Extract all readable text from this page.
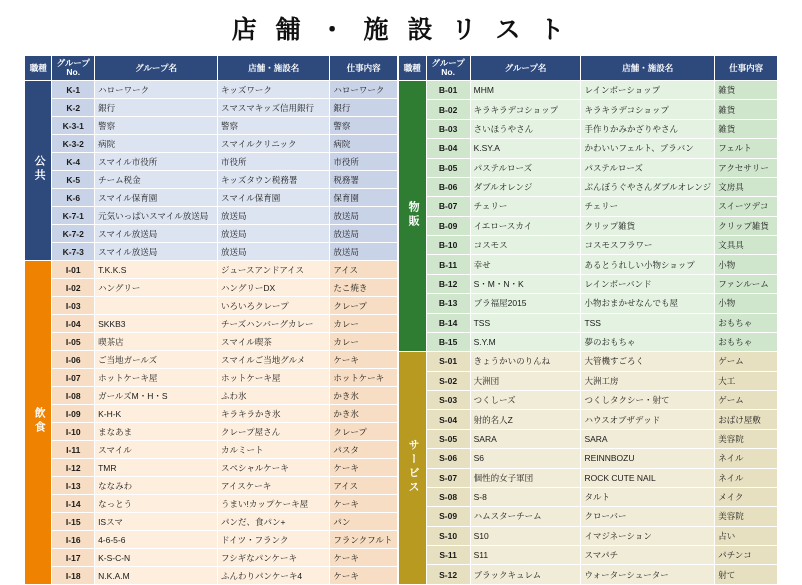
店 舗 ・ 施 設 リ ス ト
職種	グループ
No.	グループ名	店舗・施設名	仕事内容
公共	K-1	ハローワーク	キッズワーク	ハローワーク
	K-2	銀行	スマスマキッズ信用銀行	銀行
	K-3-1	警察	警察	警察
	K-3-2	病院	スマイルクリニック	病院
	K-4	スマイル市役所	市役所	市役所
	K-5	チーム税金	キッズタウン税務署	税務署
	K-6	スマイル保育園	スマイル保育園	保育園
	K-7-1	元気いっぱいスマイル放送局	放送局	放送局
	K-7-2	スマイル放送局	放送局	放送局
	K-7-3	スマイル放送局	放送局	放送局
飲食	I-01	T.K.K.S	ジュースアンドアイス	アイス
	I-02	ハングリー	ハングリーDX	たこ焼き
	I-03		いろいろクレープ	クレープ
	I-04	SKKB3	チーズハンバーグカレー	カレー
	I-05	喫茶店	スマイル喫茶	カレー
	I-06	ご当地ガールズ	スマイルご当地グルメ	ケーキ
	I-07	ホットケーキ屋	ホットケーキ屋	ホットケーキ
	I-08	ガールズM・H・S	ふわ氷	かき氷
	I-09	K-H-K	キラキラかき氷	かき氷
	I-10	まなあま	クレープ屋さん	クレープ
	I-11	スマイル	カルミート	パスタ
	I-12	TMR	スペシャルケーキ	ケーキ
	I-13	ななみわ	アイスケーキ	アイス
	I-14	なっとう	うまい!カップケーキ屋	ケーキ
	I-15	ISスマ	パンだ、食パン+	パン
	I-16	4-6-5-6	ドイツ・フランク	フランクフルト
	I-17	K-S-C-N	フシギなパンケーキ	ケーキ
	I-18	N.K.A.M	ふんわりパンケーキ4	ケーキ
職種	グループ
No.	グループ名	店舗・施設名	仕事内容
物販	B-01	MHM	レインボーショップ	雑貨
	B-02	キラキラデコショップ	キラキラデコショップ	雑貨
	B-03	さいほうやさん	手作りかみかざりやさん	雑貨
	B-04	K.SY.A	かわいいフェルト、ブラバン	フェルト
	B-05	パステルローズ	パステルローズ	アクセサリー
	B-06	ダブルオレンジ	ぶんぼうぐやさんダブルオレンジ	文房具
	B-07	チェリー	チェリー	スイーツデコ
	B-09	イエロースカイ	クリップ雑貨	クリップ雑貨
	B-10	コスモス	コスモスフラワー	文具具
	B-11	幸せ	あるとうれしい小物ショップ	小物
	B-12	S・M・N・K	レインボーバンド	ファンルーム
	B-13	ブラ福屋2015	小物おまかせなんでも屋	小物
	B-14	TSS	TSS	おもちゃ
	B-15	S.Y.M	夢のおもちゃ	おもちゃ
サービス	S-01	きょうかいのりんね	大管機すごろく	ゲーム
	S-02	大洲団	大洲工房	大工
	S-03	つくしーズ	つくしタクシー・射て	ゲーム
	S-04	射的名人Z	ハウスオブザデッド	おばけ屋敷
	S-05	SARA	SARA	美容院
	S-06	S6	REINNBOZU	ネイル
	S-07	個性的女子軍団	ROCK CUTE NAIL	ネイル
	S-08	S-8	タルト	メイク
	S-09	ハムスターチーム	クローバー	美容院
	S-10	S10	イマジネーション	占い
	S-11	S11	スマパチ	パチンコ
	S-12	ブラックキュレム	ウォーターシューター	射て
